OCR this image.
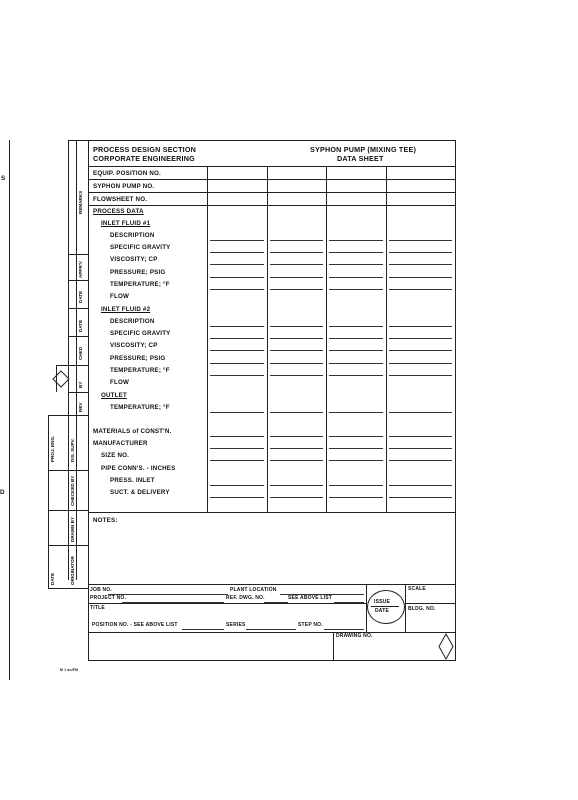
S
D
REMARKS
APPR'V
DATE
DATE
CHKD
BY
REV
DIS. SUPV.
PROJ. ENG.
CHECKED BY
DRAWN BY
ORIGINATOR
DATE
PROCESS DESIGN SECTION
CORPORATE ENGINEERING
SYPHON PUMP (MIXING TEE)
DATA SHEET
EQUIP. POSITION NO.
SYPHON PUMP NO.
FLOWSHEET NO.
PROCESS DATA
INLET FLUID #1
DESCRIPTION
SPECIFIC GRAVITY
VISCOSITY; CP
PRESSURE; PSIG
TEMPERATURE; °F
FLOW
INLET FLUID #2
DESCRIPTION
SPECIFIC GRAVITY
VISCOSITY; CP
PRESSURE; PSIG
TEMPERATURE; °F
FLOW
OUTLET
TEMPERATURE; °F
MATERIALS of CONST'N.
MANUFACTURER
SIZE NO.
PIPE CONN'S. - INCHES
PRESS. INLET
SUCT. & DELIVERY
NOTES:
JOB NO.	PLANT LOCATION
PROJECT NO.	REF. DWG. NO.	SEE ABOVE LIST
TITLE
POSITION NO. - SEE ABOVE LIST	SERIES	STEP NO.
ISSUE
DATE
SCALE
BLDG. NO.
DRAWING NO.
M 1 an/FM
